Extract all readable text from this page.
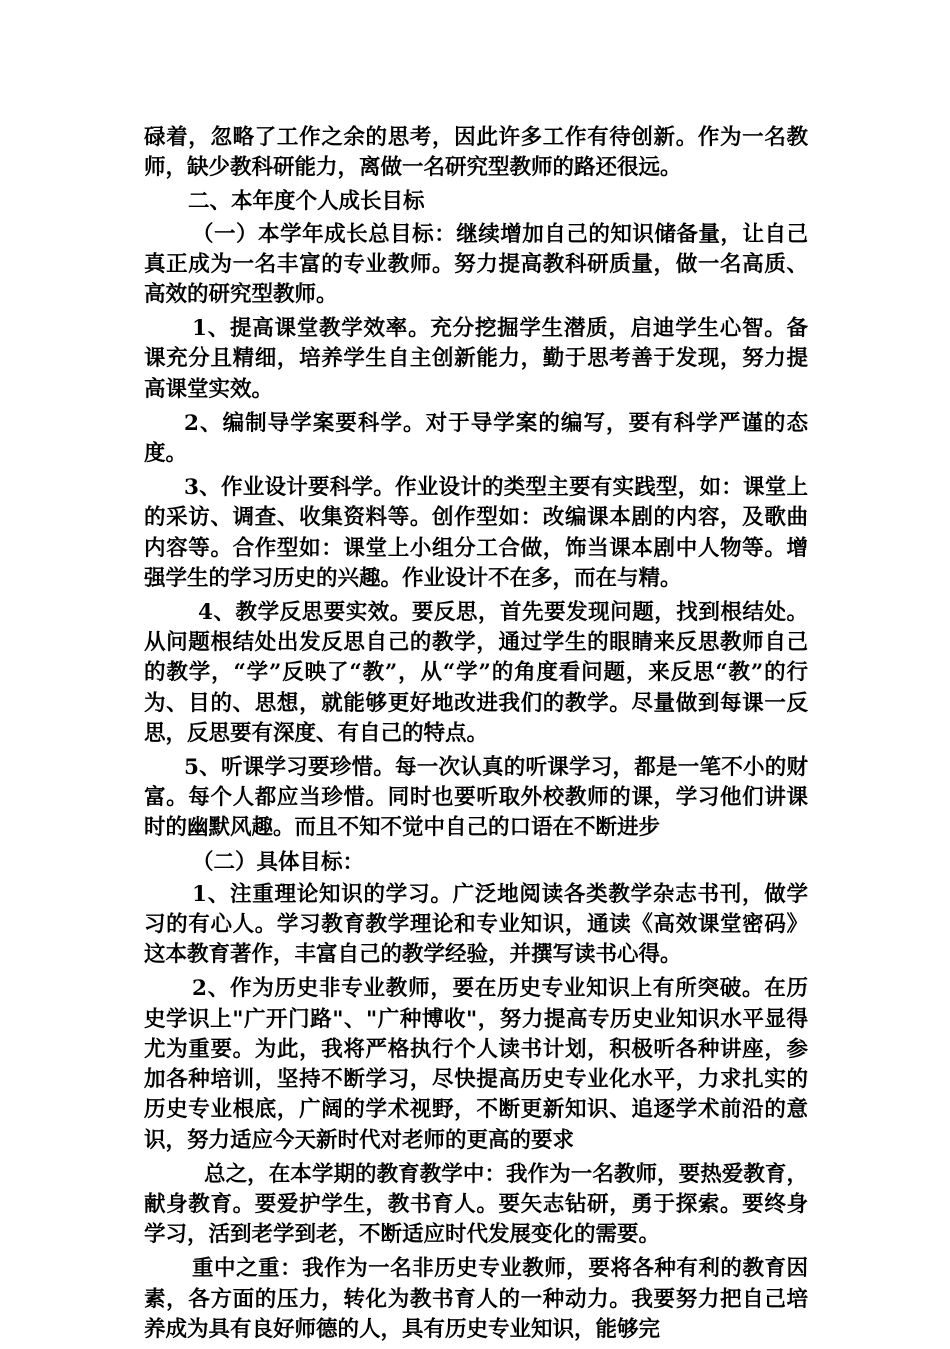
碌着，忽略了工作之余的思考，因此许多工作有待创新。作为一名教师，缺少教科研能力，离做一名研究型教师的路还很远。

二、本年度个人成长目标

（一）本学年成长总目标：继续增加自己的知识储备量，让自己真正成为一名丰富的专业教师。努力提高教科研质量，做一名高质、高效的研究型教师。

1、提高课堂教学效率。充分挖掘学生潜质，启迪学生心智。备课充分且精细，培养学生自主创新能力，勤于思考善于发现，努力提高课堂实效。

2、编制导学案要科学。对于导学案的编写，要有科学严谨的态度。

3、作业设计要科学。作业设计的类型主要有实践型，如：课堂上的采访、调查、收集资料等。创作型如：改编课本剧的内容，及歌曲内容等。合作型如：课堂上小组分工合做，饰当课本剧中人物等。增强学生的学习历史的兴趣。作业设计不在多，而在与精。

4、教学反思要实效。要反思，首先要发现问题，找到根结处。从问题根结处出发反思自己的教学，通过学生的眼睛来反思教师自己的教学，“学”反映了“教”，从“学”的角度看问题，来反思“教”的行为、目的、思想，就能够更好地改进我们的教学。尽量做到每课一反思，反思要有深度、有自己的特点。

5、听课学习要珍惜。每一次认真的听课学习，都是一笔不小的财富。每个人都应当珍惜。同时也要听取外校教师的课，学习他们讲课时的幽默风趣。而且不知不觉中自己的口语在不断进步

（二）具体目标：

1、注重理论知识的学习。广泛地阅读各类教学杂志书刊，做学习的有心人。学习教育教学理论和专业知识，通读《高效课堂密码》这本教育著作，丰富自己的教学经验，并撰写读书心得。

2、作为历史非专业教师，要在历史专业知识上有所突破。在历史学识上"广开门路"、"广种博收"，努力提高专历史业知识水平显得尤为重要。为此，我将严格执行个人读书计划，积极听各种讲座，参加各种培训，坚持不断学习，尽快提高历史专业化水平，力求扎实的历史专业根底，广阔的学术视野，不断更新知识、追逐学术前沿的意识，努力适应今天新时代对老师的更高的要求

总之，在本学期的教育教学中：我作为一名教师，要热爱教育，献身教育。要爱护学生，教书育人。要矢志钻研，勇于探索。要终身学习，活到老学到老，不断适应时代发展变化的需要。

重中之重：我作为一名非历史专业教师，要将各种有利的教育因素，各方面的压力，转化为教书育人的一种动力。我要努力把自己培养成为具有良好师德的人，具有历史专业知识，能够完
